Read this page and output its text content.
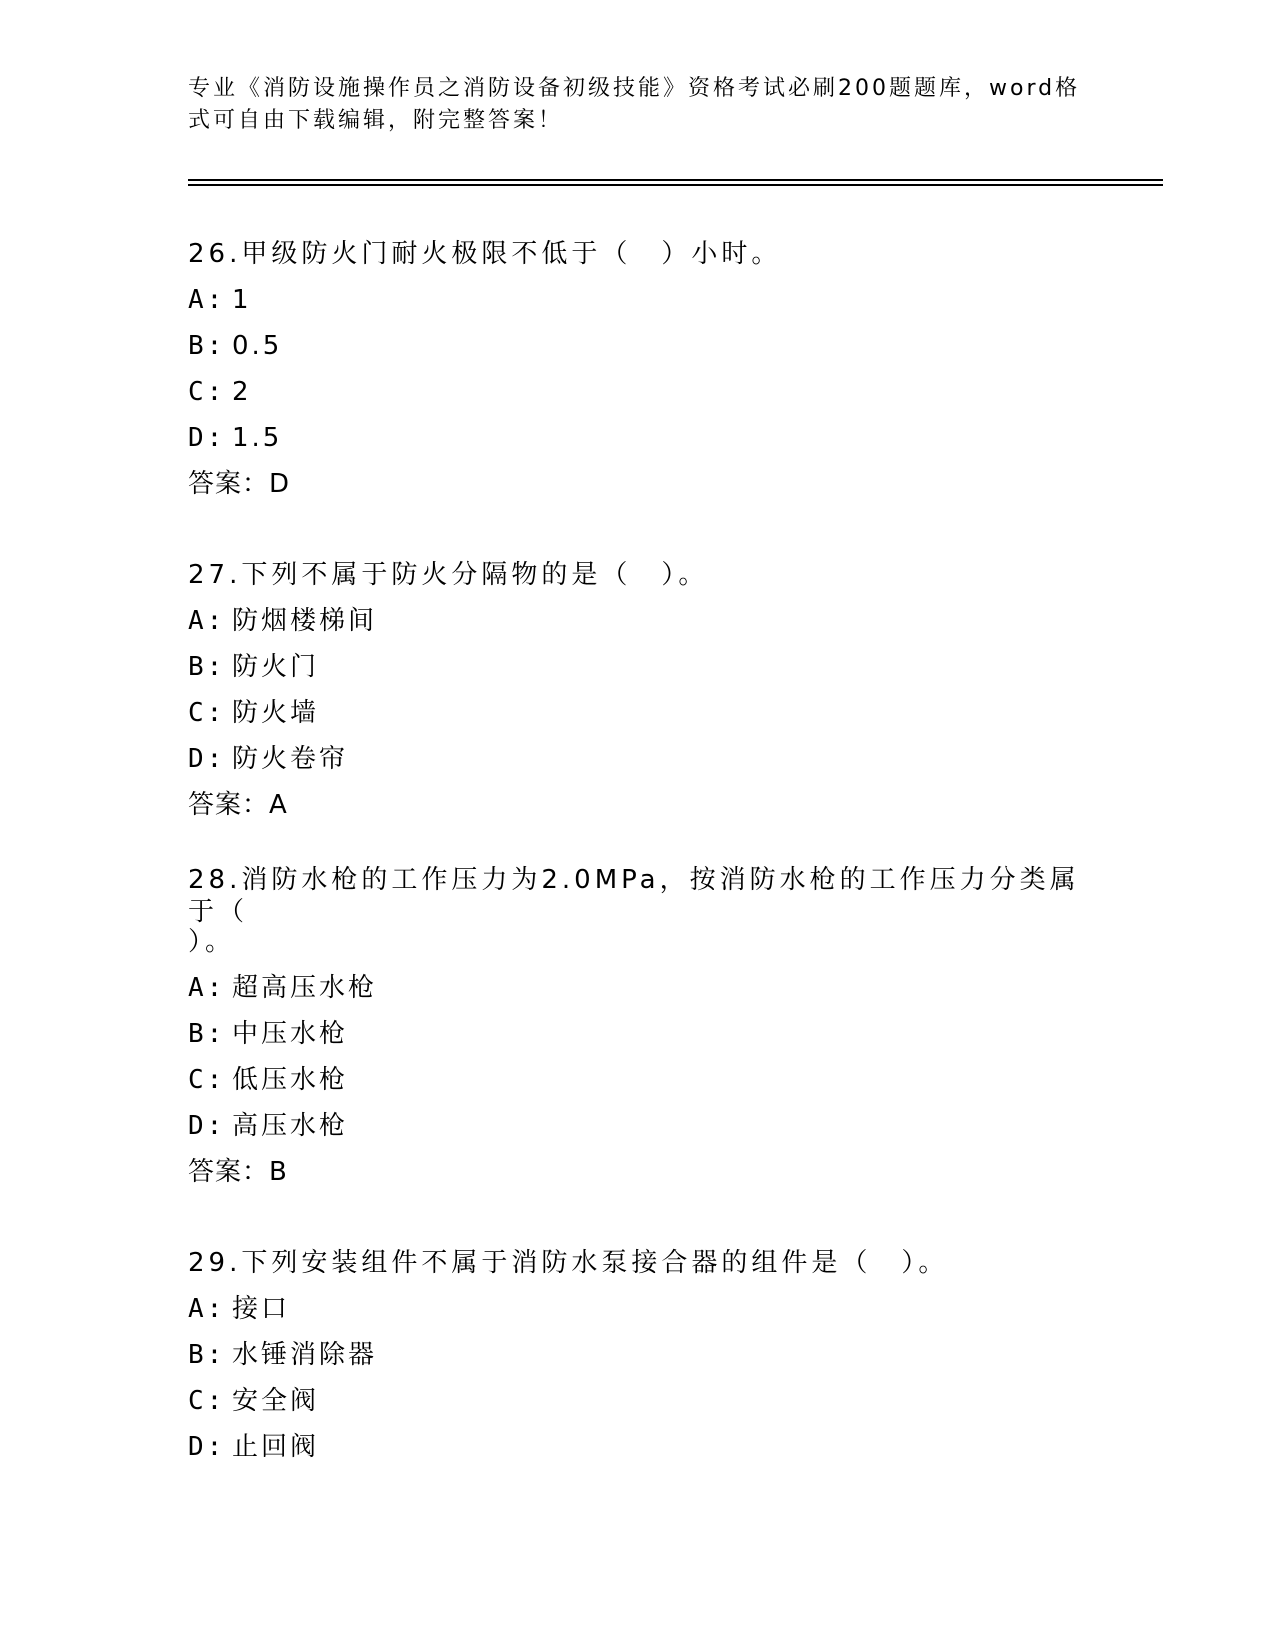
专业《消防设施操作员之消防设备初级技能》资格考试必刷200题题库，word格
式可自由下载编辑，附完整答案！
26.甲级防火门耐火极限不低于（　）小时。
A: 1
B: 0.5
C: 2
D: 1.5
答案：D
27.下列不属于防火分隔物的是（　）。
A: 防烟楼梯间
B: 防火门
C: 防火墙
D: 防火卷帘
答案：A
28.消防水枪的工作压力为2.0MPa，按消防水枪的工作压力分类属于（
）。
A: 超高压水枪
B: 中压水枪
C: 低压水枪
D: 高压水枪
答案：B
29.下列安装组件不属于消防水泵接合器的组件是（　）。
A: 接口
B: 水锤消除器
C: 安全阀
D: 止回阀
